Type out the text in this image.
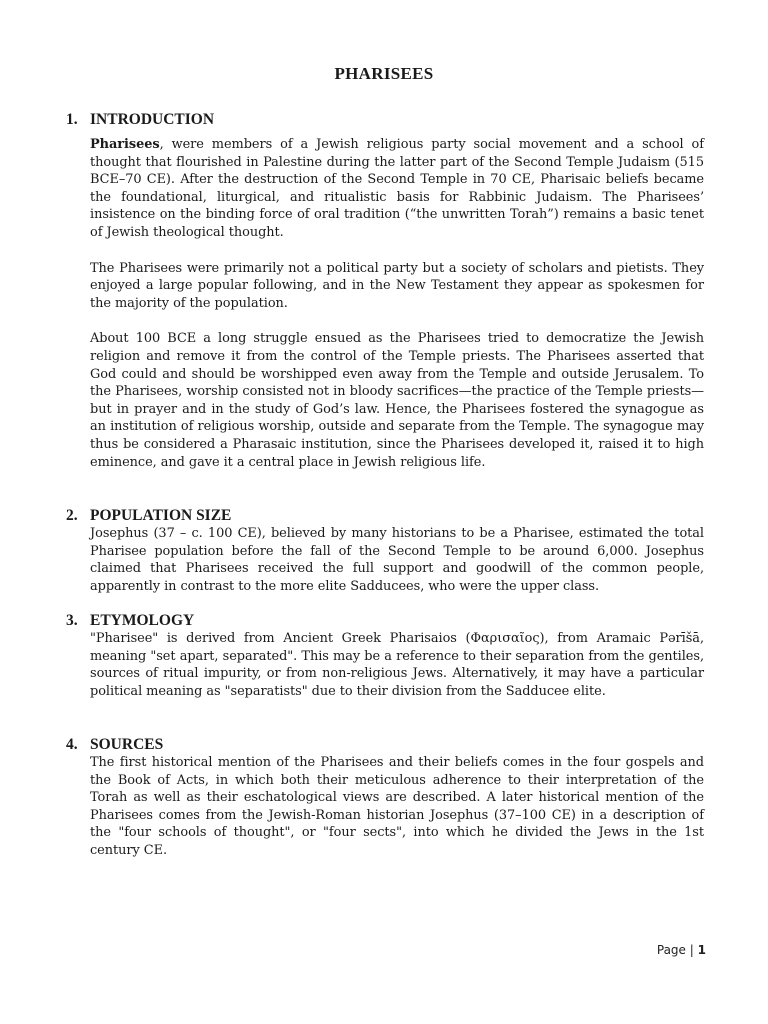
PHARISEES
1. INTRODUCTION

Pharisees, were members of a Jewish religious party social movement and a school of thought that flourished in Palestine during the latter part of the Second Temple Judaism (515 BCE–70 CE). After the destruction of the Second Temple in 70 CE, Pharisaic beliefs became the foundational, liturgical, and ritualistic basis for Rabbinic Judaism. The Pharisees’ insistence on the binding force of oral tradition (“the unwritten Torah”) remains a basic tenet of Jewish theological thought.

The Pharisees were primarily not a political party but a society of scholars and pietists. They enjoyed a large popular following, and in the New Testament they appear as spokesmen for the majority of the population.

About 100 BCE a long struggle ensued as the Pharisees tried to democratize the Jewish religion and remove it from the control of the Temple priests. The Pharisees asserted that God could and should be worshipped even away from the Temple and outside Jerusalem. To the Pharisees, worship consisted not in bloody sacrifices—the practice of the Temple priests—but in prayer and in the study of God’s law. Hence, the Pharisees fostered the synagogue as an institution of religious worship, outside and separate from the Temple. The synagogue may thus be considered a Pharasaic institution, since the Pharisees developed it, raised it to high eminence, and gave it a central place in Jewish religious life.

2. POPULATION SIZE
Josephus (37 – c. 100 CE), believed by many historians to be a Pharisee, estimated the total Pharisee population before the fall of the Second Temple to be around 6,000. Josephus claimed that Pharisees received the full support and goodwill of the common people, apparently in contrast to the more elite Sadducees, who were the upper class.
3. ETYMOLOGY
"Pharisee" is derived from Ancient Greek Pharisaios (Φαρισαῖος), from Aramaic Pərīšā, meaning "set apart, separated". This may be a reference to their separation from the gentiles, sources of ritual impurity, or from non-religious Jews. Alternatively, it may have a particular political meaning as "separatists" due to their division from the Sadducee elite.
4. SOURCES
The first historical mention of the Pharisees and their beliefs comes in the four gospels and the Book of Acts, in which both their meticulous adherence to their interpretation of the Torah as well as their eschatological views are described. A later historical mention of the Pharisees comes from the Jewish-Roman historian Josephus (37–100 CE) in a description of the "four schools of thought", or "four sects", into which he divided the Jews in the 1st century CE.
Page | 1
